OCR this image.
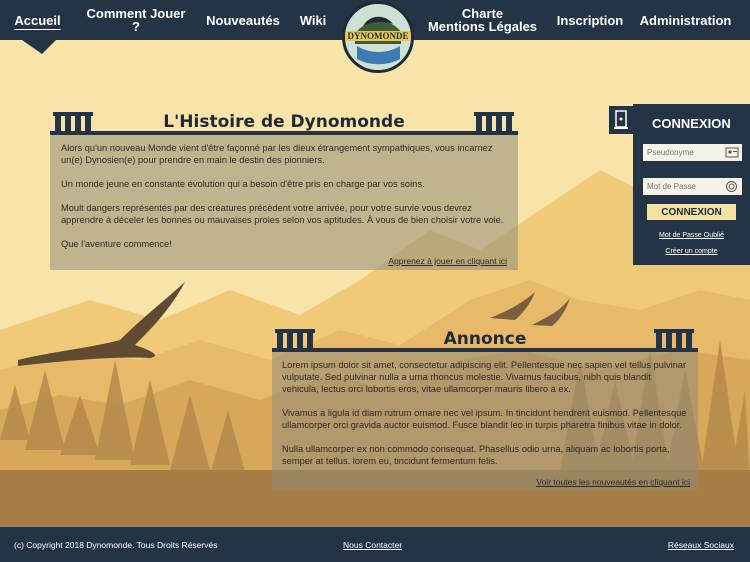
Accueil	Comment Jouer ?	Nouveautés	Wiki	Charte
Mentions Légales Inscription Administration
DYNOMONDE
L'Histoire de Dynomonde

Alors qu'un nouveau Monde vient d'être façonné par les dieux étrangement sympathiques, vous incarnez un(e) Dynosien(e) pour prendre en main le destin des pionniers.

Un monde jeune en constante évolution qui a besoin d'être pris en charge par vos soins.

Moult dangers représentés par des créatures précèdent votre arrivée, pour votre survie vous devrez apprendre à déceler les bonnes ou mauvaises proies selon vos aptitudes. À vous de bien choisir votre voie.

Que l'aventure commence!

Apprenez à jouer en cliquant ici
Annonce

Lorem ipsum dolor sit amet, consectetur adipiscing elit. Pellentesque nec sapien vel tellus pulvinar vulputate. Sed pulvinar nulla a urna rhoncus molestie. Vivamus faucibus, nibh quis blandit vehicula, lectus orci lobortis eros, vitae ullamcorper mauris libero a ex.

Vivamus a ligula id diam rutrum ornare nec vel ipsum. In tincidunt hendrerit euismod. Pellentesque ullamcorper orci gravida auctor euismod. Fusce blandit leo in turpis pharetra finibus vitae in dolor.

Nulla ullamcorper ex non commodo consequat. Phasellus odio urna, aliquam ac lobortis porta, semper at tellus. lorem eu, tincidunt fermentum felis.

Voir toutes les nouveautés en cliquant ici
CONNEXION
Pseudonyme
CONNEXION
Mot de Passe Oublié
Créer un compte
(c) Copyright 2018 Dynomonde. Tous Droits Réservés	Nous Contacter	Réseaux Sociaux
